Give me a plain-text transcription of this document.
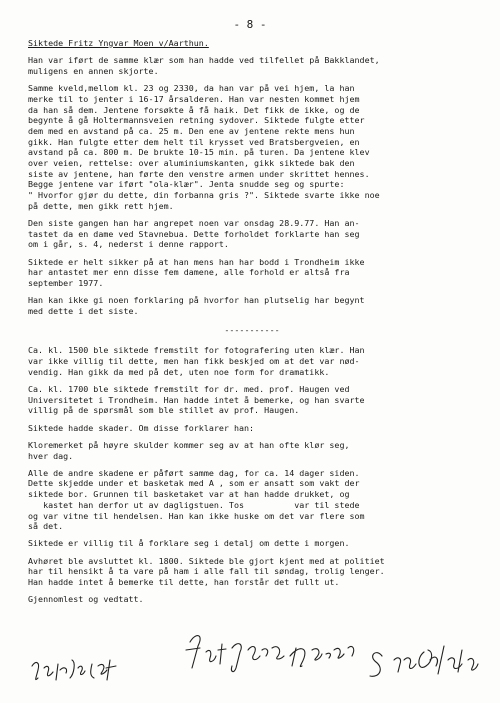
- 8 -
Siktede Fritz Yngvar Moen v/Aarthun.
Han var iført de samme klær som han hadde ved tilfellet på Bakklandet,
muligens en annen skjorte.
Samme kveld,mellom kl. 23 og 2330, da han var på vei hjem, la han
merke til to jenter i 16-17 årsalderen. Han var nesten kommet hjem
da han så dem. Jentene forsøkte å få haik. Det fikk de ikke, og de
begynte å gå Holtermannsveien retning sydover. Siktede fulgte etter
dem med en avstand på ca. 25 m. Den ene av jentene rekte mens hun
gikk. Han fulgte etter dem helt til krysset ved Bratsbergveien, en
avstand på ca. 800 m. De brukte 10-15 min. på turen. Da jentene klev
over veien, rettelse: over aluminiumskanten, gikk siktede bak den
siste av jentene, han førte den venstre armen under skrittet hennes.
Begge jentene var iført "ola-klær". Jenta snudde seg og spurte:
" Hvorfor gjør du dette, din forbanna gris ?". Siktede svarte ikke noe
på dette, men gikk rett hjem.
Den siste gangen han har angrepet noen var onsdag 28.9.77. Han an-
tastet da en dame ved Stavnebua. Dette forholdet forklarte han seg
om i går, s. 4, nederst i denne rapport.
Siktede er helt sikker på at han mens han har bodd i Trondheim ikke
har antastet mer enn disse fem damene, alle forhold er altså fra
september 1977.
Han kan ikke gi noen forklaring på hvorfor han plutselig har begynt
med dette i det siste.
-----------
Ca. kl. 1500 ble siktede fremstilt for fotografering uten klær. Han
var ikke villig til dette, men han fikk beskjed om at det var nød-
vendig. Han gikk da med på det, uten noe form for dramatikk.
Ca. kl. 1700 ble siktede fremstilt for dr. med. prof. Haugen ved
Universitetet i Trondheim. Han hadde intet å bemerke, og han svarte
villig på de spørsmål som ble stillet av prof. Haugen.
Siktede hadde skader. Om disse forklarer han:
Kloremerket på høyre skulder kommer seg av at han ofte klør seg,
hver dag.
Alle de andre skadene er påført samme dag, for ca. 14 dager siden.
Dette skjedde under et basketak med A , som er ansatt som vakt der
siktede bor. Grunnen til basketaket var at han hadde drukket, og
kastet han derfor ut av dagligstuen. Tos          var til stede
og var vitne til hendelsen. Han kan ikke huske om det var flere som
så det.
Siktede er villig til å forklare seg i detalj om dette i morgen.
Avhøret ble avsluttet kl. 1800. Siktede ble gjort kjent med at politiet
har til hensikt å ta vare på ham i alle fall til søndag, trolig lenger.
Han hadde intet å bemerke til dette, han forstår det fullt ut.
Gjennomlest og vedtatt.
